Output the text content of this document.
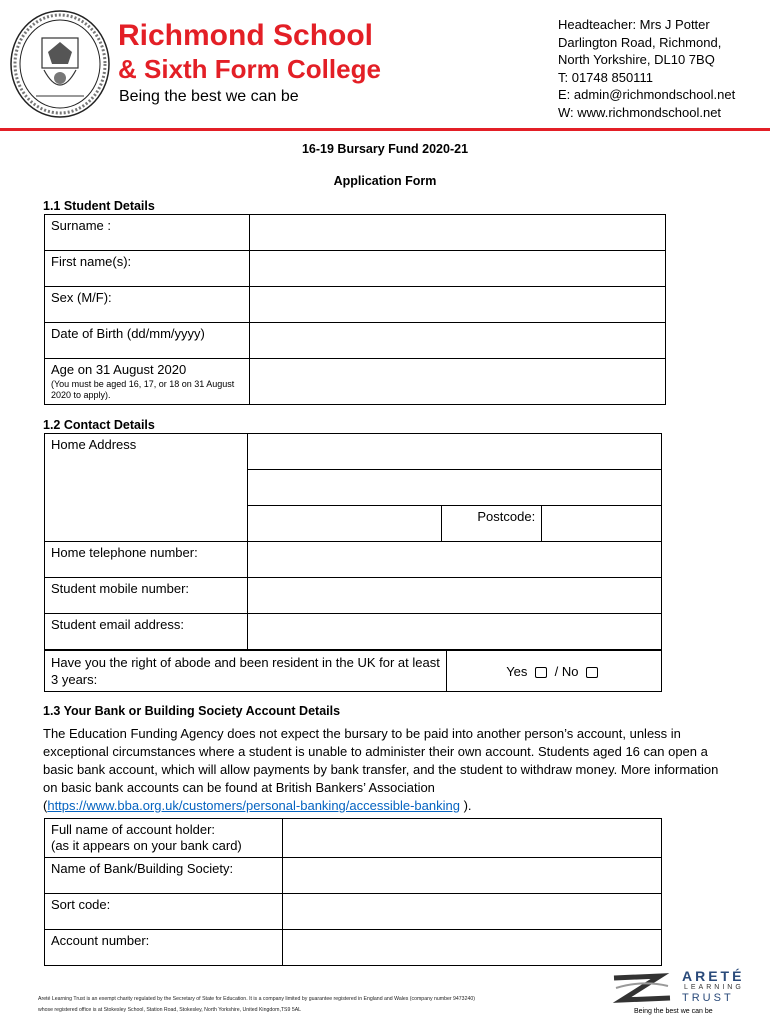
Richmond School
& Sixth Form College
Being the best we can be
Headteacher: Mrs J Potter
Darlington Road, Richmond,
North Yorkshire, DL10 7BQ
T: 01748 850111
E: admin@richmondschool.net
W: www.richmondschool.net
16-19 Bursary Fund 2020-21
Application Form
1.1 Student Details
Surname :	
First name(s):	
Sex (M/F):	
Date of Birth (dd/mm/yyyy)	
Age on 31 August 2020
(You must be aged 16, 17, or 18 on 31 August 2020 to apply).	

1.2 Contact Details
Home Address			

		Postcode:	
Home telephone number:			
Student mobile number:			
Student email address:			
Have you the right of abode and been resident in the UK for at least 3 years:	Yes / No
1.3 Your Bank or Building Society Account Details
The Education Funding Agency does not expect the bursary to be paid into another person’s account, unless in exceptional circumstances where a student is unable to administer their own account. Students aged 16 can open a basic bank account, which will allow payments by bank transfer, and the student to withdraw money. More information on basic bank accounts can be found at British Bankers’ Association
(https://www.bba.org.uk/customers/personal-banking/accessible-banking ).
Full name of account holder:
(as it appears on your bank card)	

Name of Bank/Building Society:	
Sort code:	
Account number:	
Areté Learning Trust is an exempt charity regulated by the Secretary of State for Education. It is a company limited by guarantee registered in England and Wales (company number 9473240)
whose registered office is at Stokesley School, Station Road, Stokesley, North Yorkshire, United Kingdom,TS9 5AL
ARETÉ
LEARNING
TRUST
Being the best we can be
